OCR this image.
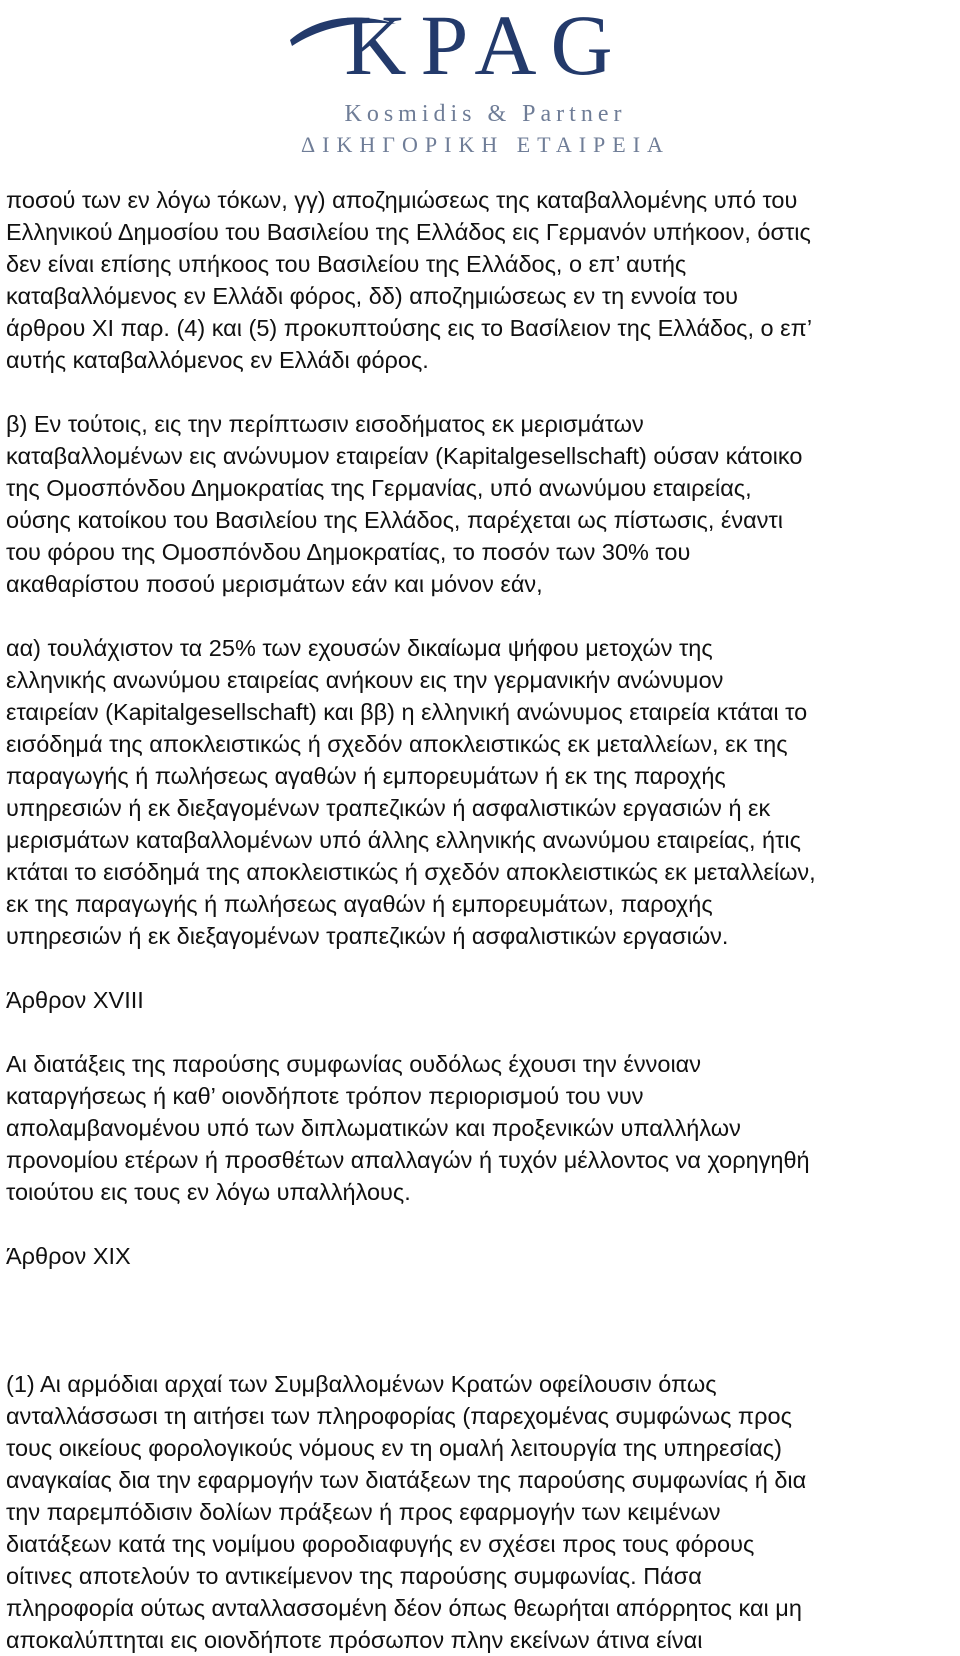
KPAG
Kosmidis & Partner
ΔΙΚΗΓΟΡΙΚΗ ΕΤΑΙΡΕΙΑ

ποσού των εν λόγω τόκων, γγ) αποζημιώσεως της καταβαλλομένης υπό του
Ελληνικού Δημοσίου του Βασιλείου της Ελλάδος εις Γερμανόν υπήκοον, όστις
δεν είναι επίσης υπήκοος του Βασιλείου της Ελλάδος, ο επ’ αυτής
καταβαλλόμενος εν Ελλάδι φόρος, δδ) αποζημιώσεως εν τη εννοία του
άρθρου XI παρ. (4) και (5) προκυπτούσης εις το Βασίλειον της Ελλάδος, ο επ’
αυτής καταβαλλόμενος εν Ελλάδι φόρος.

β) Εν τούτοις, εις την περίπτωσιν εισοδήματος εκ μερισμάτων
καταβαλλομένων εις ανώνυμον εταιρείαν (Kapitalgesellschaft) ούσαν κάτοικο
της Ομοσπόνδου Δημοκρατίας της Γερμανίας, υπό ανωνύμου εταιρείας,
ούσης κατοίκου του Βασιλείου της Ελλάδος, παρέχεται ως πίστωσις, έναντι
του φόρου της Ομοσπόνδου Δημοκρατίας, το ποσόν των 30% του
ακαθαρίστου ποσού μερισμάτων εάν και μόνον εάν,

αα) τουλάχιστον τα 25% των εχουσών δικαίωμα ψήφου μετοχών της
ελληνικής ανωνύμου εταιρείας ανήκουν εις την γερμανικήν ανώνυμον
εταιρείαν (Kapitalgesellschaft) και ββ) η ελληνική ανώνυμος εταιρεία κτάται το
εισόδημά της αποκλειστικώς ή σχεδόν αποκλειστικώς εκ μεταλλείων, εκ της
παραγωγής ή πωλήσεως αγαθών ή εμπορευμάτων ή εκ της παροχής
υπηρεσιών ή εκ διεξαγομένων τραπεζικών ή ασφαλιστικών εργασιών ή εκ
μερισμάτων καταβαλλομένων υπό άλλης ελληνικής ανωνύμου εταιρείας, ήτις
κτάται το εισόδημά της αποκλειστικώς ή σχεδόν αποκλειστικώς εκ μεταλλείων,
εκ της παραγωγής ή πωλήσεως αγαθών ή εμπορευμάτων, παροχής
υπηρεσιών ή εκ διεξαγομένων τραπεζικών ή ασφαλιστικών εργασιών.

Άρθρον XVIII

Αι διατάξεις της παρούσης συμφωνίας ουδόλως έχουσι την έννοιαν
καταργήσεως ή καθ’ οιονδήποτε τρόπον περιορισμού του νυν
απολαμβανομένου υπό των διπλωματικών και προξενικών υπαλλήλων
προνομίου ετέρων ή προσθέτων απαλλαγών ή τυχόν μέλλοντος να χορηγηθή
τοιούτου εις τους εν λόγω υπαλλήλους.

Άρθρον XIX

(1) Αι αρμόδιαι αρχαί των Συμβαλλομένων Κρατών οφείλουσιν όπως
ανταλλάσσωσι τη αιτήσει των πληροφορίας (παρεχομένας συμφώνως προς
τους οικείους φορολογικούς νόμους εν τη ομαλή λειτουργία της υπηρεσίας)
αναγκαίας δια την εφαρμογήν των διατάξεων της παρούσης συμφωνίας ή δια
την παρεμπόδισιν δολίων πράξεων ή προς εφαρμογήν των κειμένων
διατάξεων κατά της νομίμου φοροδιαφυγής εν σχέσει προς τους φόρους
οίτινες αποτελούν το αντικείμενον της παρούσης συμφωνίας. Πάσα
πληροφορία ούτως ανταλλασσομένη δέον όπως θεωρήται απόρρητος και μη
αποκαλύπτηται εις οιονδήποτε πρόσωπον πλην εκείνων άτινα είναι
